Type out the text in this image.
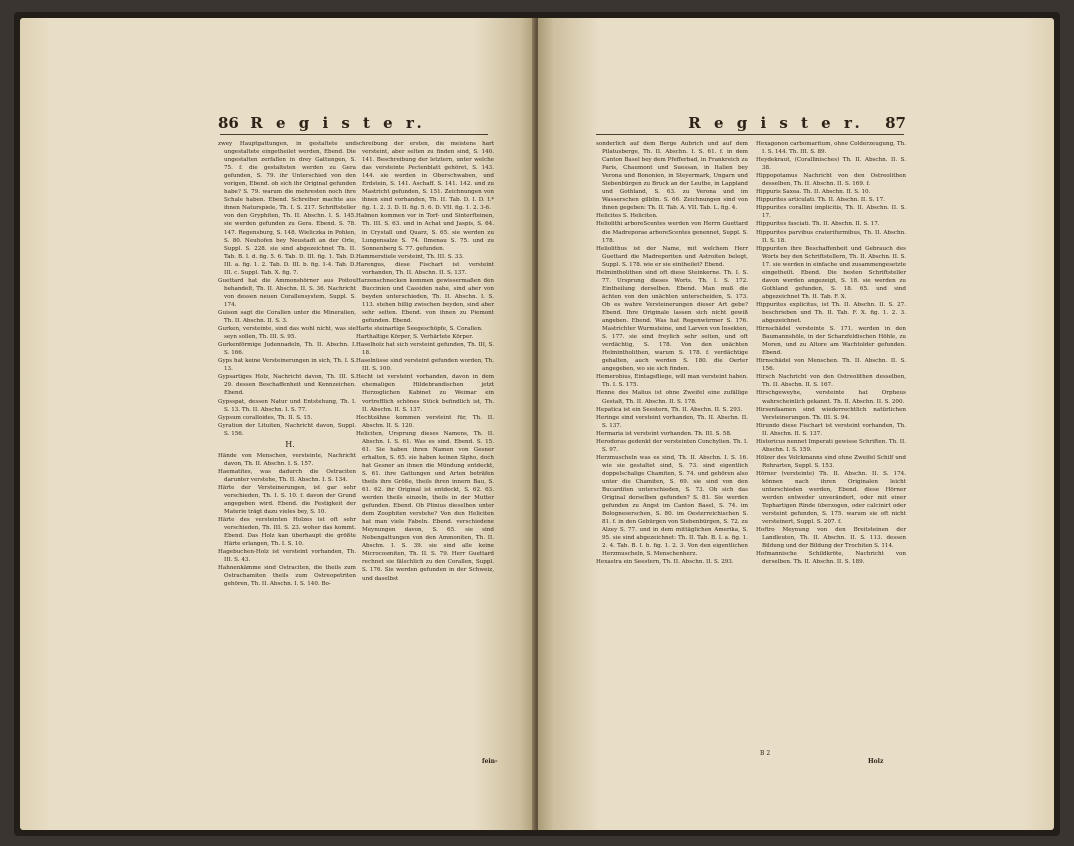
86 R e g i s t e r.

zwey Hauptgattungen, in gestaltete und ungestaltete eingetheilet werden, Ebend. Die ungestalten zerfallen in drey Gattungen, S. 75. f. die gestalteten werden zu Gera gefunden, S. 79. ihr Unterschied von den vorigen, Ebend. ob sich ihr Original gefunden habe? S. 79. warum die mehresten noch ihre Schale haben. Ebend. Schreiber machte aus ihnen Naturspiele, Th. I. S. 217. Schriftsteller von den Gryphiten, Th. II. Abschn. I. S. 145. sie werden gefunden zu Gera. Ebend. S. 78. 147. Regensburg, S. 148. Wieliczka in Pohlen, S. 80. Neuhofen bey Neustadt an der Orle, Suppl. S. 228. sie sind abgezeichnet Th. II. Tab. B. I. d. fig. 5. 6. Tab. D. III. fig. 1. Tab. D. III. a. fig. 1. 2. Tab. D. III. b. fig. 1-4. Tab. D. III. c. Suppl. Tab. X. fig. 7.

Guettard hat die Ammonshörner aus Poitou behandelt, Th. II. Abschn. II. S. 36. Nachricht von dessen neuen Corallensystem, Suppl. S. 174.

Guison sagt die Corallen unter die Mineralien, Th. II. Abschn. II. S. 3.

Gurken, versteinte, sind das wohl nicht, was sie seyn sollen, Th. III. S. 95.

Gurkenförmige Judennadeln, Th. II. Abschn. I. S. 166.

Gyps hat keine Versteinerungen in sich, Th. I. S. 13.

Gypsartiges Holz, Nachricht davon, Th. III. S. 29. dessen Beschaffenheit und Kennzeichen. Ebend.

Gypsspat, dessen Natur und Entstehung, Th. I. S. 13. Th. II. Abschn. I. S. 77.

Gypsum coralloides, Th. II. S. 15.

Gyration der Lituiten, Nachricht davon, Suppl. S. 156.

H.

Hände von Menschen, versteinte, Nachricht davon, Th. II. Abschn. I. S. 157.

Haematites, was dadurch die Ostraciten darunter verstehe, Th. II. Abschn. I. S. 134.

Härte der Versteinerungen, ist gar sehr verschieden, Th. I. S. 10. f. davon der Grund angegeben wird. Ebend. die Festigkeit der Materie trägt dazu vieles bey, S. 10.

Härte des versteinten Holzes ist oft sehr verschieden, Th. III. S. 23. woher das kommt. Ebend. Das Holz kan überhaupt die größte Härte erlangen, Th. I. S. 10.

Hagebuchen-Holz ist versteint vorhanden, Th. III. S. 43.

Hahnenkämme sind Ostraciten, die theils zum Ostrachamiten theils zum Ostreopetriten gehören, Th. II. Abschn. I. S. 140. Bo-

schreibung der ersten, die meistens hart versteint, aber selten zu finden sind, S. 140. 141. Beschreibung der letztern, unter welche das versteinte Pectenblatt gehöret, S. 143. 144. sie werden in Oberschwaben, und Erdstein, S. 141. Aschaff. S. 141. 142. und zu Mastricht gefunden, S. 151. Zeichnungen von ihnen sind vorhanden, Th. II. Tab. D. I. D. I.* fig. 1. 2. 3. D. II. fig. 5. 6. D. VII. fig. 1. 2. 3-6.

Halmen kommen vor in Torf- und Sinterfteinen, Th. III. S. 63. und in Achat und Jaspis, S. 64. in Crystall und Quarz, S. 65. sie werden zu Lungensalze S. 74. Ilmenau S. 75. und zu Sonnenberg S. 77. gefunden.

Hammerstiele versteint, Th. III. S. 33.

Harengus, diese Fischart ist versteint vorhanden, Th. II. Abschn. II. S. 137.

Harzenschnecken kommen gewissermaßen den Buccinien und Cassiden nahe, sind aber von beyden unterschieden, Th. II. Abschn. I. S. 113. stehen billig zwischen beyden, sind aber sehr selten. Ebend. von ihnen zu Piemont gefunden. Ebend.

Harte steinartige Seegeschöpfe, S. Corallen.

Harthaltige Körper, S. Verhärtete Körper.

Haselholz hat sich versteint gefunden, Th. III, S. 18.

Haselnüsse sind versteint gefunden worden, Th. III. S. 100.

Hecht ist versteint vorhanden, davon in dem ehemaligen Hildebrandischen jetzt Herzoglichen Kabinet zu Weimar ein vortrefflich schönes Stück befindlich ist, Th. II. Abschn. II. S. 137.

Hechtzähne kommen versteint für, Th. II. Abschn. II. S. 120.

Heliciten, Ursprung dieses Namens, Th. II. Abschn. I. S. 61. Was es sind. Ebend. S. 15. 61. Sie haben ihren Namen von Gesner erhalten, S. 65. sie haben keinen Sipho, doch hat Gesner an ihnen die Mündung entdeckt, S. 61. ihre Gattungen und Arten beträfen theils ihre Größe, theils ihren innern Bau, S. 61. 62. ihr Original ist entdeckt, S. 62. 63. werden theils einzeln, theils in der Mutter gefunden. Ebend. Ob Plinius dieselben unter dem Zoophiten verstehe? Von den Heliciten hat man viele Fabeln. Ebend. verschiedene Meynungen davon, S. 65. sie sind Nebengattungen von den Ammoniten, Th. II. Abschn. I. S. 39. sie sind alle keine Microcosmiten, Th. II. S. 79. Herr Guettard rechnet sie fälschlich zu den Corallen, Suppl. S. 176. Sie werden gefunden in der Schweiz, und daselbst

fein-
R e g i s t e r.	87

sonderlich auf dem Berge Aubrich und auf dem Pilatusberge, Th. II. Abschn. I. S. 61. f. in dem Canton Basel bey dem Pfefferbad, in Frankreich zu Paris, Chaumont und Suessan, in Italien bey Verona und Bononien, in Steyermark, Ungarn und Siebenbürgen zu Bruck an der Leuthe, in Lappland und Gothland, S. 63. zu Verona und im Wasserschen gilblin. S. 66. Zeichnungen sind von ihnen gegeben: Th. II. Tab. A. VII. Tab. L. fig. 4.

Helicites S. Heliciten.

Heliolithi arboreScentes werden von Herrn Guettard die Madreporae arboreScentes genennet, Suppl. S. 178.

Heliolithus ist der Name, mit welchem Herr Guettard die Madreporiten und Astroiten belegt, Suppl. S. 178. wie er sie eintheilet? Ebend.

Helmintholithen sind oft diese Steinkerne. Th. I. S. 77. Ursprung dieses Worts. Th. I. S. 172. Eintheilung derselben. Ebend. Man muß die ächten von den unächten unterscheiden, S. 173. Ob es wahre Versteinerungen dieser Art gebe? Ebend. Ihre Originale lassen sich nicht gewiß angeben. Ebend. Was hat Regenwürmer S. 176. Mastrichter Wurmsteine, und Larven von Insekten, S. 177. sie sind freylich sehr selten, und oft verdächtig, S. 178. Von den unächten Helmintholithen, warum S. 178. f. verdächtige gehalten, auch werden S. 180. die Oerter angegeben, wo sie sich finden.

Hemerobius, Eintagsfliege, will man versteint haben. Th. I. S. 175.

Henne des Malius ist ohne Zweifel eine zufällige Gestalt, Th. II. Abschn. II. S. 178.

Hepatica ist ein Seestern, Th. II. Abschn. II. S. 293.

Heringe sind versteint vorhanden, Th. II. Abschn. II. S. 137.

Hermaria ist versteint vorhanden. Th. III. S. 58.

Herodoras gedenkt der versteinten Conchylien. Th. I. S. 97.

Herzmuscheln was es sind, Th. II. Abschn. I. S. 16. wie sie gestaltet sind, S. 73. sind eigentlich doppelschalige Chamiten, S. 74. und gehören also unter die Chamiten, S. 69. sie sind von den Bucarditen unterschieden, S. 73. Ob sich das Original derselben gefunden? S. 81. Sie werden gefunden zu Angst im Canton Basel, S. 74. im Bologneserschen, S. 80. im Oesterreichischen S. 81. f. in den Gebürgen von Siebenbürgen, S. 72. zu Alzey S. 77. und in dem mittäglichen Amerika, S. 95. sie sind abgezeichnet: Th. II. Tab. B. I. a. fig. 1. 2. 4. Tab. B. I. b. fig. 1. 2. 3. Von den eigentlichen Herzmuscheln, S. Menschenherz.

Hexastra ein Seestern, Th. II. Abschn. II. S. 293.

Hexagonon carbomaritum, ohne Colderzeugung, Th. I. S. 144. Th. III. S. 89.

Heydekraut, (Corallinisches) Th. II. Abschn. II. S. 38.

Hippopotamus Nachricht von den Ostreolithen desselben, Th. II. Abschn. II. S. 169. f.

Hippuris Saxea. Th. II. Abschn. II. S. 10.

Hippurites articulati. Th. II. Abschn. II. S. 17.

Hippurites corallini implicitis, Th. II. Abschn. II. S. 17.

Hippurites fasciati. Th. II. Abschn. II. S. 17.

Hippurites parvibus craterifurmibus, Th. II. Abschn. II. S. 18.

Hippuriten ihre Beschaffenheit und Gebrauch des Worts bey den Schriftstellern, Th. II. Abschn. II. S. 17. sie werden in einfache und zusammengesetzte eingetheilt. Ebend. Die besten Schriftsteller davon werden angezeigt, S. 18. sie werden zu Gothland gefunden, S. 18. 65. und sind abgezeichnet Th. II. Tab. F. X.

Hippurites explicitus, ist Th. II. Abschn. II. S. 27. beschrieben und Th. II. Tab. F. X. fig. 1. 2. 3. abgezeichnet.

Hirnschädel versteinte S. 171. werden in den Baumannshöle, in der Scharzfeldischen Höhle, zu Moren, und zu Altore am Wachtolder gefunden. Ebend.

Hirnschädel von Menschen. Th. II. Abschn. II. S. 156.

Hirsch Nachricht von den Ostreolithen desselben, Th. II. Abschn. II. S. 167.

Hirschgeweyhe, versteinte hat Orpheus wahrscheinlich gekannt. Th. II. Abschn. II. S. 200.

Hirsenfaamen sind wiederrechtlich natürlichen Versteinerungen. Th. III. S. 94.

Hirundo diese Fischart ist versteint vorhanden, Th. II. Abschn. II. S. 137.

Historicus nennet Imperati gewisse Schriften. Th. II. Abschn. I. S. 159.

Hölzer des Volckmanns sind ohne Zweifel Schilf und Rohrarten, Suppl. S. 153.

Hörner (versteinte) Th. II. Abschn. II. S. 174. können nach ihren Originalen leicht unterschieden werden, Ebend. diese Hörner werden entweder unverändert, oder mit einer Tophartigen Rinde überzogen, oder calcinirt oder versteint gefunden, S. 175. warum sie oft nicht versteinert, Suppl. S. 207. f.

Hoftro Meynung von den Breitsteinen der Landleuten, Th. II. Abschn. II. S. 113. dessen Bildung und der Bildung der Trochiten S. 114.

Hofmannische Schildkröte, Nachricht von derselben. Th. II. Abschn. II. S. 189.

B 2
Holz
